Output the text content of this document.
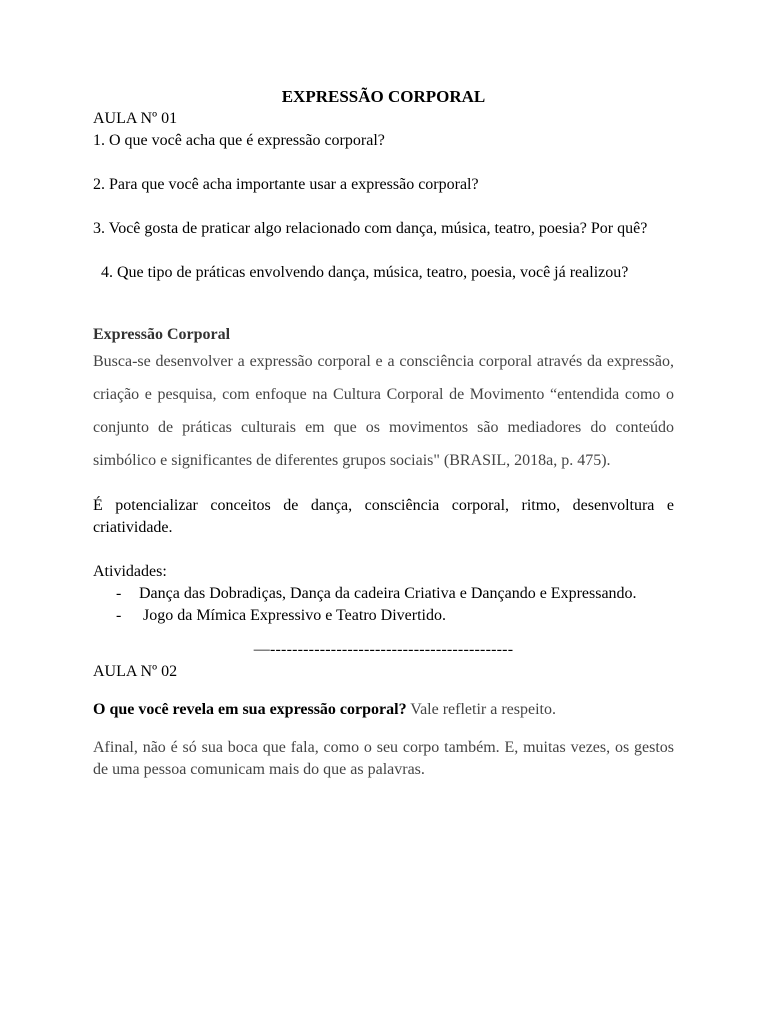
EXPRESSÃO CORPORAL

AULA Nº 01

1. O que você acha que é expressão corporal?

2. Para que você acha importante usar a expressão corporal?

3. Você gosta de praticar algo relacionado com dança, música, teatro, poesia? Por quê?

4. Que tipo de práticas envolvendo dança, música, teatro, poesia, você já realizou?

Expressão Corporal

Busca-se desenvolver a expressão corporal e a consciência corporal através da expressão, criação e pesquisa, com enfoque na Cultura Corporal de Movimento “entendida como o conjunto de práticas culturais em que os movimentos são mediadores do conteúdo simbólico e significantes de diferentes grupos sociais" (BRASIL, 2018a, p. 475).

É potencializar conceitos de dança, consciência corporal, ritmo, desenvoltura e criatividade.

Atividades:

- Dança das Dobradiças, Dança da cadeira Criativa e Dançando e Expressando.
- Jogo da Mímica Expressivo e Teatro Divertido.

—--------------------------------------------

AULA Nº 02

O que você revela em sua expressão corporal? Vale refletir a respeito.

Afinal, não é só sua boca que fala, como o seu corpo também. E, muitas vezes, os gestos de uma pessoa comunicam mais do que as palavras.
